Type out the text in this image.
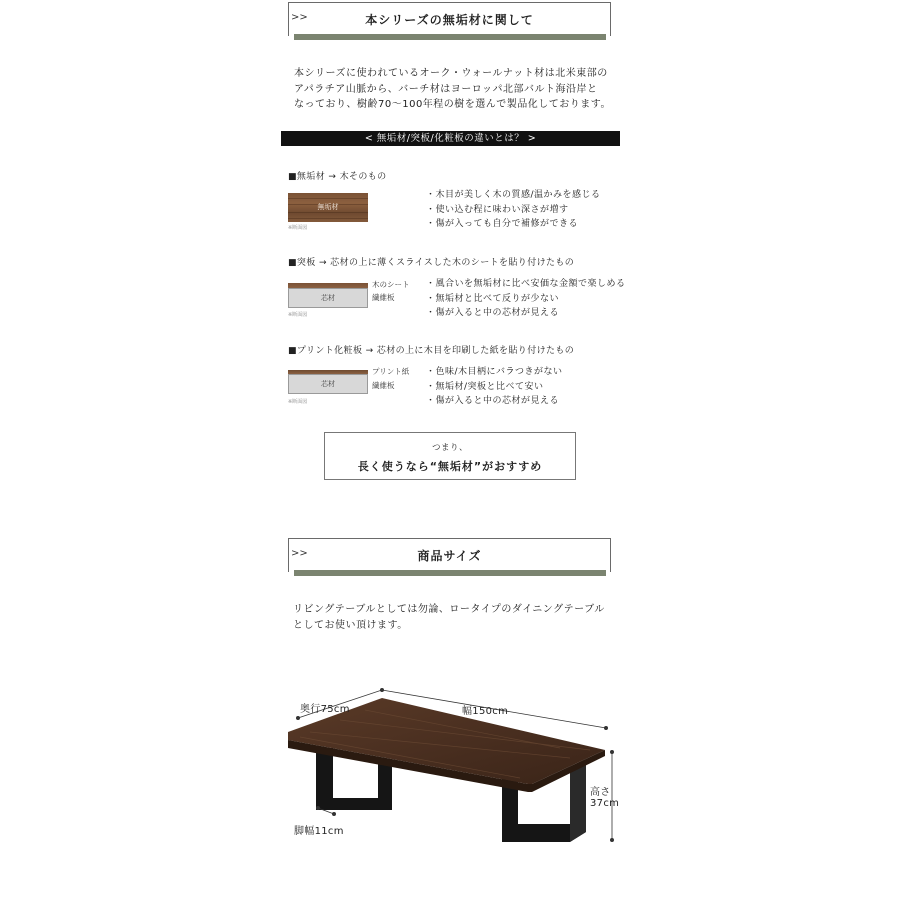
>>	本シリーズの無垢材に関して
本シリーズに使われているオーク・ウォールナット材は北米東部の
アパラチア山脈から、バーチ材はヨーロッパ北部バルト海沿岸と
なっており、樹齢70〜100年程の樹を選んで製品化しております。
< 無垢材/突板/化粧板の違いとは？ >
■無垢材 → 木そのもの
無垢材
※断面図
・木目が美しく木の質感/温かみを感じる
・使い込む程に味わい深さが増す
・傷が入っても自分で補修ができる
■突板 → 芯材の上に薄くスライスした木のシートを貼り付けたもの
芯材
木のシート
繊維板
※断面図
・風合いを無垢材に比べ安価な金額で楽しめる
・無垢材と比べて反りが少ない
・傷が入ると中の芯材が見える
■プリント化粧板 → 芯材の上に木目を印刷した紙を貼り付けたもの
芯材
プリント紙
繊維板
※断面図
・色味/木目柄にバラつきがない
・無垢材/突板と比べて安い
・傷が入ると中の芯材が見える
つまり、
長く使うなら“無垢材”がおすすめ
>>	商品サイズ
リビングテーブルとしては勿論、ロータイプのダイニングテーブル
としてお使い頂けます。
奥行75cm	幅150cm
高さ
37cm
脚幅11cm
